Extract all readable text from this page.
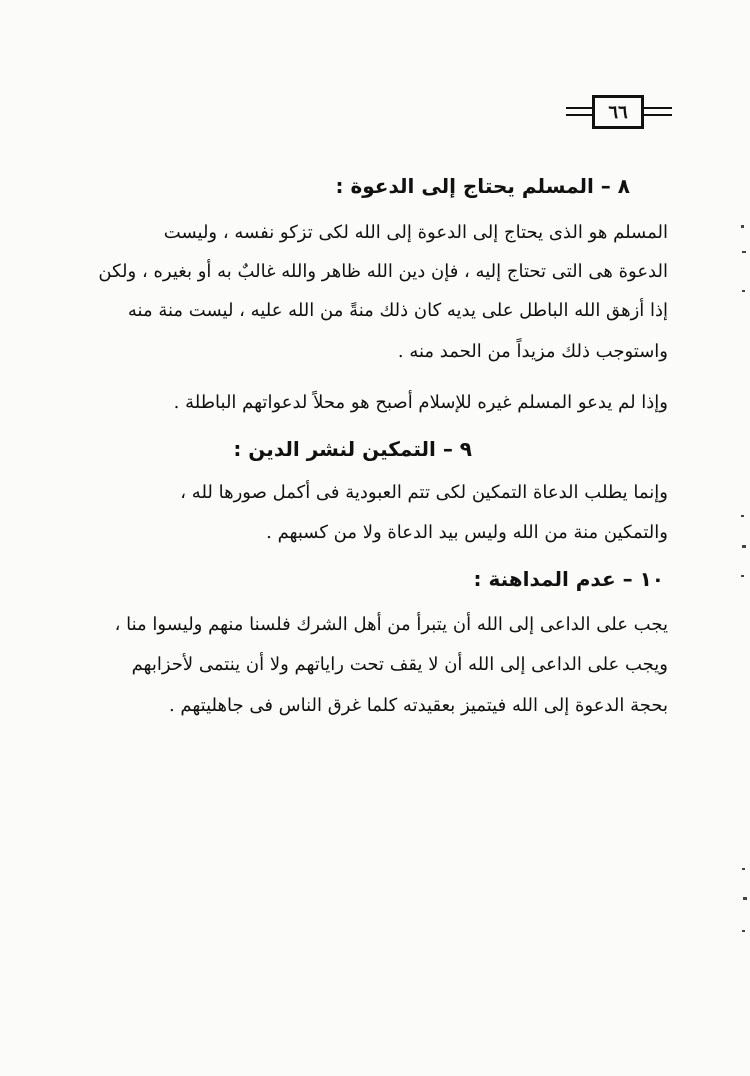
٦٦
٨ – المسلم يحتاج إلى الدعوة :
المسلم هو الذى يحتاج إلى الدعوة إلى الله لكى تزكو نفسه ، وليست
الدعوة هى التى تحتاج إليه ، فإن دين الله ظاهر والله غالبٌ به أو بغيره ، ولكن
إذا أزهق الله الباطل على يديه كان ذلك منةً من الله عليه ، ليست منة منه
واستوجب ذلك مزيداً من الحمد منه .
وإذا لم يدعو المسلم غيره للإسلام أصبح هو محلاً لدعواتهم الباطلة .
٩ – التمكين لنشر الدين :
وإنما يطلب الدعاة التمكين لكى تتم العبودية فى أكمل صورها لله ،
والتمكين منة من الله وليس بيد الدعاة ولا من كسبهم .
١٠ – عدم المداهنة :
يجب على الداعى إلى الله أن يتبرأ من أهل الشرك فلسنا منهم وليسوا منا ،
ويجب على الداعى إلى الله أن لا يقف تحت راياتهم ولا أن ينتمى لأحزابهم
بحجة الدعوة إلى الله فيتميز بعقيدته كلما غرق الناس فى جاهليتهم .
